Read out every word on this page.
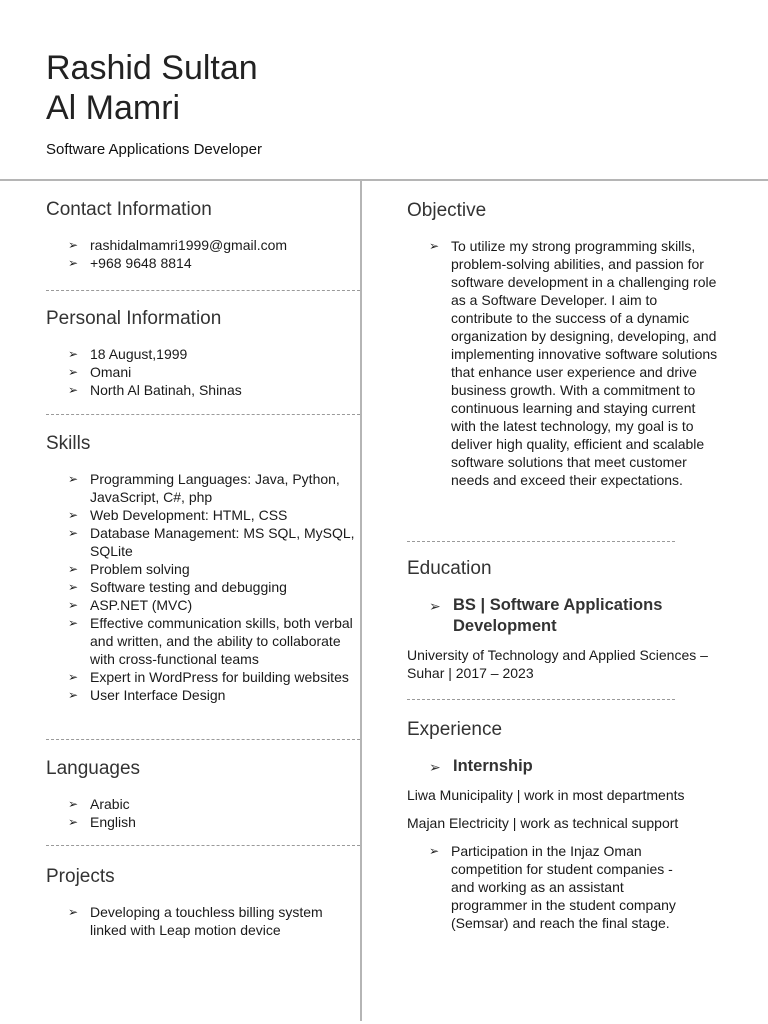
Rashid Sultan
Al Mamri
Software Applications Developer
Contact Information
➢ rashidalmamri1999@gmail.com
➢ +968 9648 8814
Personal Information
➢ 18 August,1999
➢ Omani
➢ North Al Batinah, Shinas
Skills
➢ Programming Languages: Java, Python, JavaScript, C#, php
➢ Web Development: HTML, CSS
➢ Database Management: MS SQL, MySQL, SQLite
➢ Problem solving
➢ Software testing and debugging
➢ ASP.NET (MVC)
➢ Effective communication skills, both verbal and written, and the ability to collaborate with cross-functional teams
➢ Expert in WordPress for building websites
➢ User Interface Design
Languages
➢ Arabic
➢ English
Projects
➢ Developing a touchless billing system linked with Leap motion device
Objective
➢ To utilize my strong programming skills, problem-solving abilities, and passion for software development in a challenging role as a Software Developer. I aim to contribute to the success of a dynamic organization by designing, developing, and implementing innovative software solutions that enhance user experience and drive business growth. With a commitment to continuous learning and staying current with the latest technology, my goal is to deliver high quality, efficient and scalable software solutions that meet customer needs and exceed their expectations.
Education
➢ BS | Software Applications Development

University of Technology and Applied Sciences – Suhar | 2017 – 2023

Experience
➢ Internship

Liwa Municipality | work in most departments

Majan Electricity | work as technical support

➢ Participation in the Injaz Oman competition for student companies - and working as an assistant programmer in the student company (Semsar) and reach the final stage.
